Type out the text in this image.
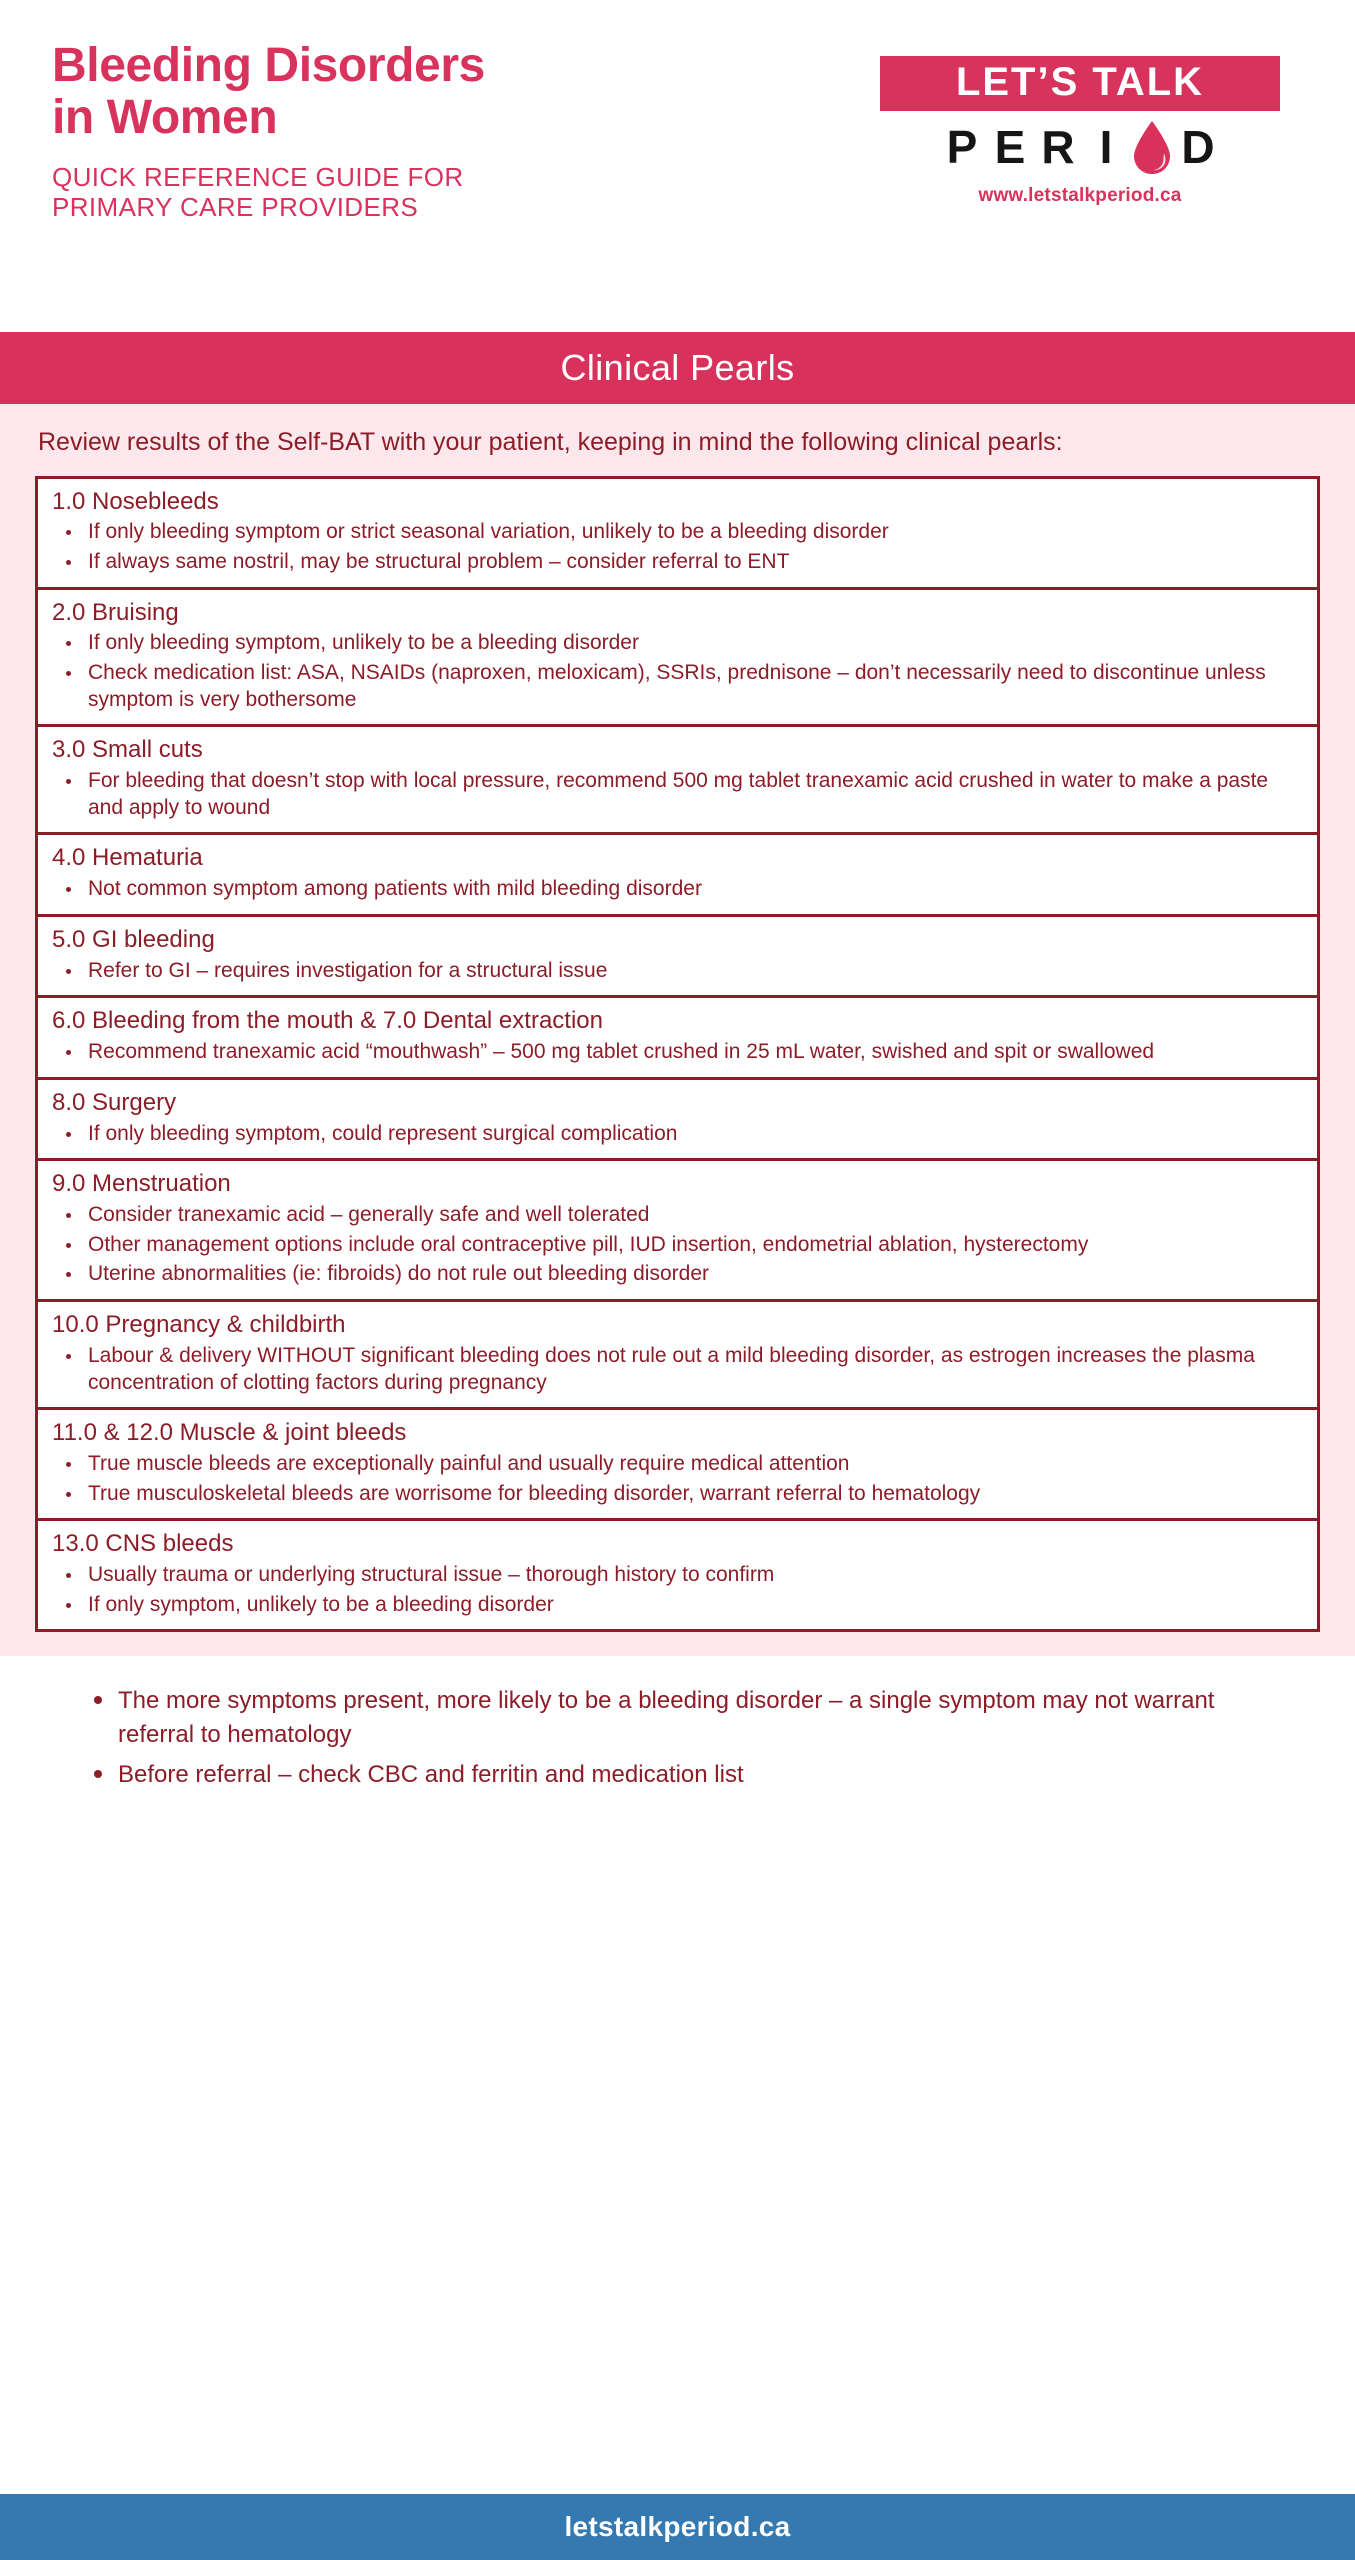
Bleeding Disorders
in Women
QUICK REFERENCE GUIDE FOR
PRIMARY CARE PROVIDERS
LET’S TALK
P E R I	D
www.letstalkperiod.ca
Clinical Pearls
Review results of the Self-BAT with your patient, keeping in mind the following clinical pearls:
1.0 Nosebleeds
If only bleeding symptom or strict seasonal variation, unlikely to be a bleeding disorder
If always same nostril, may be structural problem – consider referral to ENT
2.0 Bruising
If only bleeding symptom, unlikely to be a bleeding disorder
Check medication list: ASA, NSAIDs (naproxen, meloxicam), SSRIs, prednisone – don’t necessarily need to discontinue unless symptom is very bothersome
3.0 Small cuts
For bleeding that doesn’t stop with local pressure, recommend 500 mg tablet tranexamic acid crushed in water to make a paste and apply to wound
4.0 Hematuria
Not common symptom among patients with mild bleeding disorder
5.0 GI bleeding
Refer to GI – requires investigation for a structural issue
6.0 Bleeding from the mouth & 7.0 Dental extraction
Recommend tranexamic acid “mouthwash” – 500 mg tablet crushed in 25 mL water, swished and spit or swallowed
8.0 Surgery
If only bleeding symptom, could represent surgical complication
9.0 Menstruation
Consider tranexamic acid – generally safe and well tolerated
Other management options include oral contraceptive pill, IUD insertion, endometrial ablation, hysterectomy
Uterine abnormalities (ie: fibroids) do not rule out bleeding disorder
10.0 Pregnancy & childbirth
Labour & delivery WITHOUT significant bleeding does not rule out a mild bleeding disorder, as estrogen increases the plasma concentration of clotting factors during pregnancy
11.0 & 12.0 Muscle & joint bleeds
True muscle bleeds are exceptionally painful and usually require medical attention
True musculoskeletal bleeds are worrisome for bleeding disorder, warrant referral to hematology
13.0 CNS bleeds
Usually trauma or underlying structural issue – thorough history to confirm
If only symptom, unlikely to be a bleeding disorder
The more symptoms present, more likely to be a bleeding disorder – a single symptom may not warrant referral to hematology
Before referral – check CBC and ferritin and medication list
letstalkperiod.ca
